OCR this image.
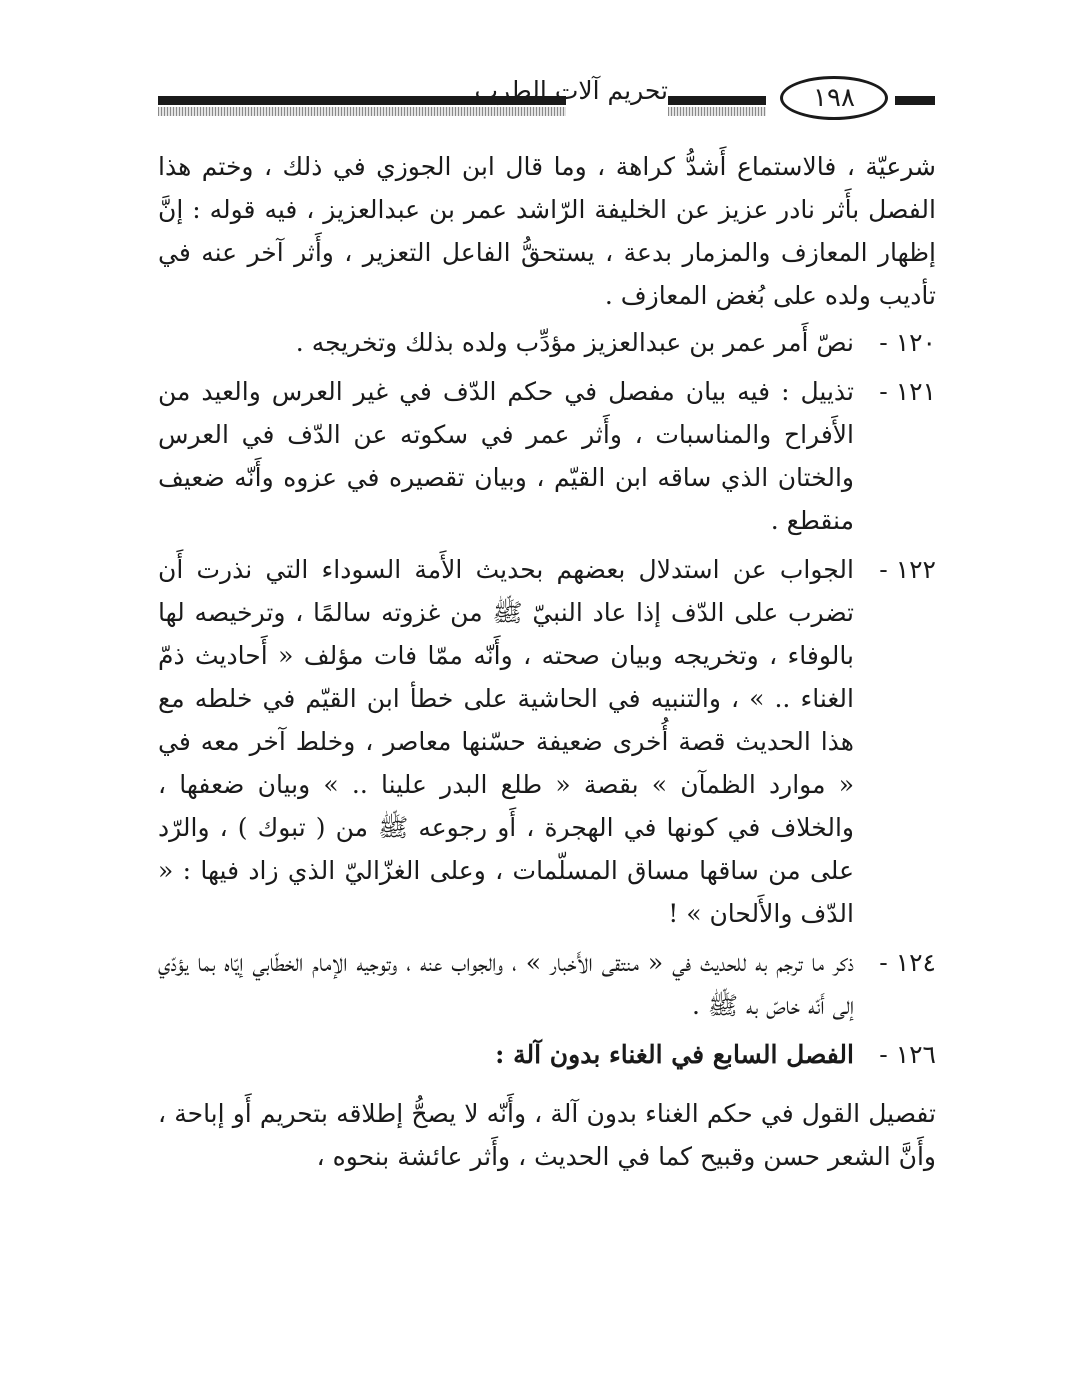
تحريم آلات الطرب	١٩٨

شرعيّة ، فالاستماع أَشدُّ كراهة ، وما قال ابن الجوزي في ذلك ، وختم هذا الفصل بأَثر نادر عزيز عن الخليفة الرّاشد عمر بن عبدالعزيز ، فيه قوله : إنَّ إظهار المعازف والمزمار بدعة ، يستحقُّ الفاعل التعزير ، وأَثر آخر عنه في تأديب ولده على بُغض المعازف .

١٢٠ -
نصّ أَمر عمر بن عبدالعزيز مؤدِّب ولده بذلك وتخريجه .
١٢١ -
تذييل : فيه بيان مفصل في حكم الدّف في غير العرس والعيد من الأَفراح والمناسبات ، وأَثر عمر في سكوته عن الدّف في العرس والختان الذي ساقه ابن القيّم ، وبيان تقصيره في عزوه وأَنّه ضعيف منقطع .
١٢٢ -
الجواب عن استدلال بعضهم بحديث الأَمة السوداء التي نذرت أَن تضرب على الدّف إذا عاد النبيّ ﷺ من غزوته سالمًا ، وترخيصه لها بالوفاء ، وتخريجه وبيان صحته ، وأَنّه ممّا فات مؤلف « أَحاديث ذمّ الغناء .. » ، والتنبيه في الحاشية على خطأ ابن القيّم في خلطه مع هذا الحديث قصة أُخرى ضعيفة حسّنها معاصر ، وخلط آخر معه في « موارد الظمآن » بقصة « طلع البدر علينا .. » وبيان ضعفها ، والخلاف في كونها في الهجرة ، أَو رجوعه ﷺ من ( تبوك ) ، والرّد على من ساقها مساق المسلّمات ، وعلى الغزّاليّ الذي زاد فيها : « الدّف والأَلحان » !
١٢٤ -
ذكر ما ترجم به للحديث في « منتقى الأَخبار » ، والجواب عنه ، وتوجيه الإمام الخطّابي إيّاه بما يؤدّي إلى أَنّه خاصّ به ﷺ .
١٢٦ -
الفصل السابع في الغناء بدون آلة :

تفصيل القول في حكم الغناء بدون آلة ، وأَنّه لا يصحُّ إطلاقه بتحريم أَو إباحة ، وأَنَّ الشعر حسن وقبيح كما في الحديث ، وأَثر عائشة بنحوه ،
